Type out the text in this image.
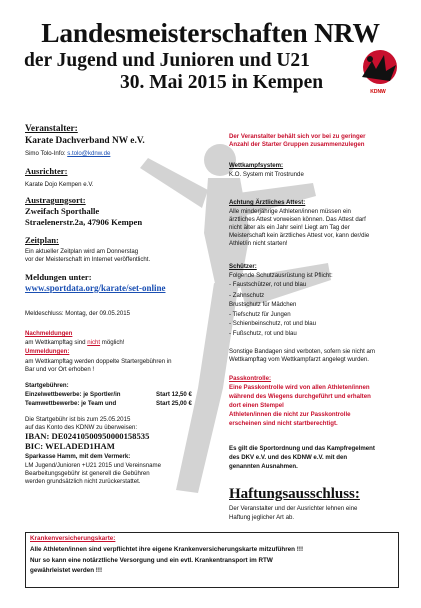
Landesmeisterschaften NRW
der Jugend und Junioren und U21
30. Mai 2015 in Kempen	KDNW
Veranstalter:
Karate Dachverband NW e.V.
Simo Tolo-Info: s.tolo@kdnw.de
Ausrichter:
Karate Dojo Kempen e.V.
Austragungsort:
Zweifach Sporthalle
Straelenerstr.2a, 47906 Kempen
Zeitplan:
Ein aktueller Zeitplan wird am Donnerstag
vor der Meisterschaft im Internet veröffentlicht.
Meldungen unter:
www.sportdata.org/karate/set-online
Meldeschluss: Montag, der 09.05.2015
Nachmeldungen
am Wettkampftag sind nicht möglich!
Ummeldungen:
am Wettkampftag werden doppelte Startergebühren in
Bar und vor Ort erhoben !
Startgebühren:
Einzelwettbewerbe: je Sportler/in	Start 12,50 €
Teamwettbewerbe: je Team und	Start 25,00 €
Die Startgebühr ist bis zum 25.05.2015
auf das Konto des KDNW zu überweisen:
IBAN: DE02410500950000158535
BIC: WELADED1HAM
Sparkasse Hamm, mit dem Vermerk:
LM Jugend/Junioren +U21 2015 und Vereinsname
Bearbeitungsgebühr ist generell die Gebühren
werden grundsätzlich nicht zurückerstattet.
Der Veranstalter behält sich vor bei zu geringer
Anzahl der Starter Gruppen zusammenzulegen
Wettkampfsystem:
K.O. System mit Trostrunde
Achtung Ärztliches Attest:
Alle minderjährige Athleten/innen müssen ein
ärztliches Attest vorweisen können. Das Attest darf
nicht älter als ein Jahr sein! Liegt am Tag der
Meisterschaft kein ärztliches Attest vor, kann der/die
Athlet/in nicht starten!
Schützer:
Folgende Schutzausrüstung ist Pflicht:
- Faustschützer, rot und blau
- Zahnschutz
Brustschutz für Mädchen
- Tiefschutz für Jungen
- Schienbeinschutz, rot und blau
- Fußschutz, rot und blau
Sonstige Bandagen sind verboten, sofern sie nicht am
Wettkampftag vom Wettkampfarzt angelegt wurden.
Passkontrolle:
Eine Passkontrolle wird von allen Athleten/innen
während des Wiegens durchgeführt und erhalten
dort einen Stempel
Athleten/innen die nicht zur Passkontrolle
erscheinen sind nicht startberechtigt.
Es gilt die Sportordnung und das Kampfregelment
des DKV e.V. und des KDNW e.V. mit den
genannten Ausnahmen.
Haftungsausschluss:
Der Veranstalter und der Ausrichter lehnen eine
Haftung jeglicher Art ab.
Krankenversicherungskarte:
Alle Athleten/innen sind verpflichtet ihre eigene Krankenversicherungskarte mitzuführen !!!
Nur so kann eine notärztliche Versorgung und ein evtl. Krankentransport im RTW
gewährleistet werden !!!
